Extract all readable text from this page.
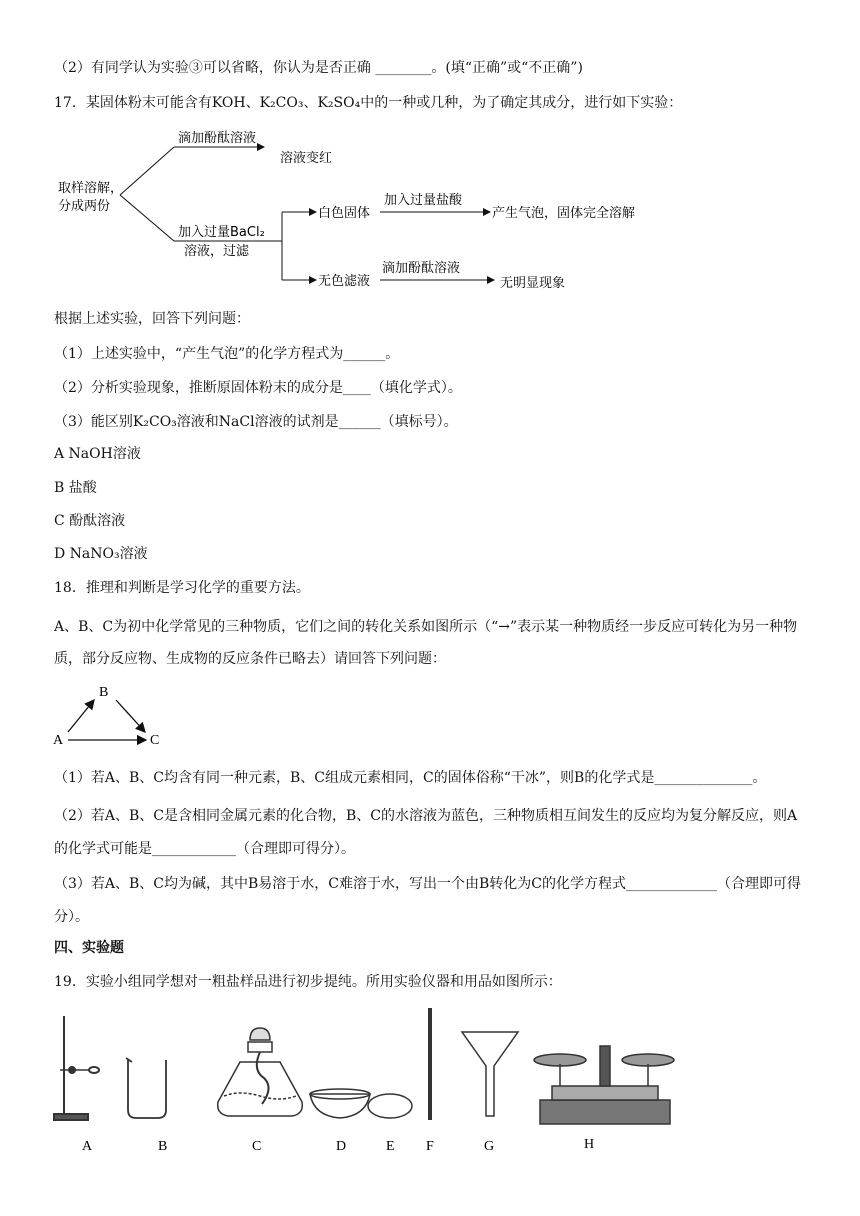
（2）有同学认为实验③可以省略，你认为是否正确 ________。(填“正确”或“不正确”)
17．某固体粉末可能含有KOH、K₂CO₃、K₂SO₄中的一种或几种，为了确定其成分，进行如下实验：
取样溶解，
分成两份
滴加酚酞溶液
溶液变红
加入过量BaCl₂
溶液，过滤
白色固体
加入过量盐酸
产生气泡，固体完全溶解
无色滤液
滴加酚酞溶液
无明显现象
根据上述实验，回答下列问题：
（1）上述实验中，“产生气泡”的化学方程式为______。
（2）分析实验现象，推断原固体粉末的成分是____（填化学式）。
（3）能区别K₂CO₃溶液和NaCl溶液的试剂是______（填标号）。
A NaOH溶液
B 盐酸
C 酚酞溶液
D NaNO₃溶液
18．推理和判断是学习化学的重要方法。
A、B、C为初中化学常见的三种物质，它们之间的转化关系如图所示（“→”表示某一种物质经一步反应可转化为另一种物质，部分反应物、生成物的反应条件已略去）请回答下列问题：
B
A	C
（1）若A、B、C均含有同一种元素，B、C组成元素相同，C的固体俗称“干冰”，则B的化学式是______________。
（2）若A、B、C是含相同金属元素的化合物，B、C的水溶液为蓝色，三种物质相互间发生的反应均为复分解反应，则A的化学式可能是____________（合理即可得分）。
（3）若A、B、C均为碱，其中B易溶于水，C难溶于水，写出一个由B转化为C的化学方程式_____________（合理即可得分）。
四、实验题
19．实验小组同学想对一粗盐样品进行初步提纯。所用实验仪器和用品如图所示：
A	B	C	D	E F	G	H
